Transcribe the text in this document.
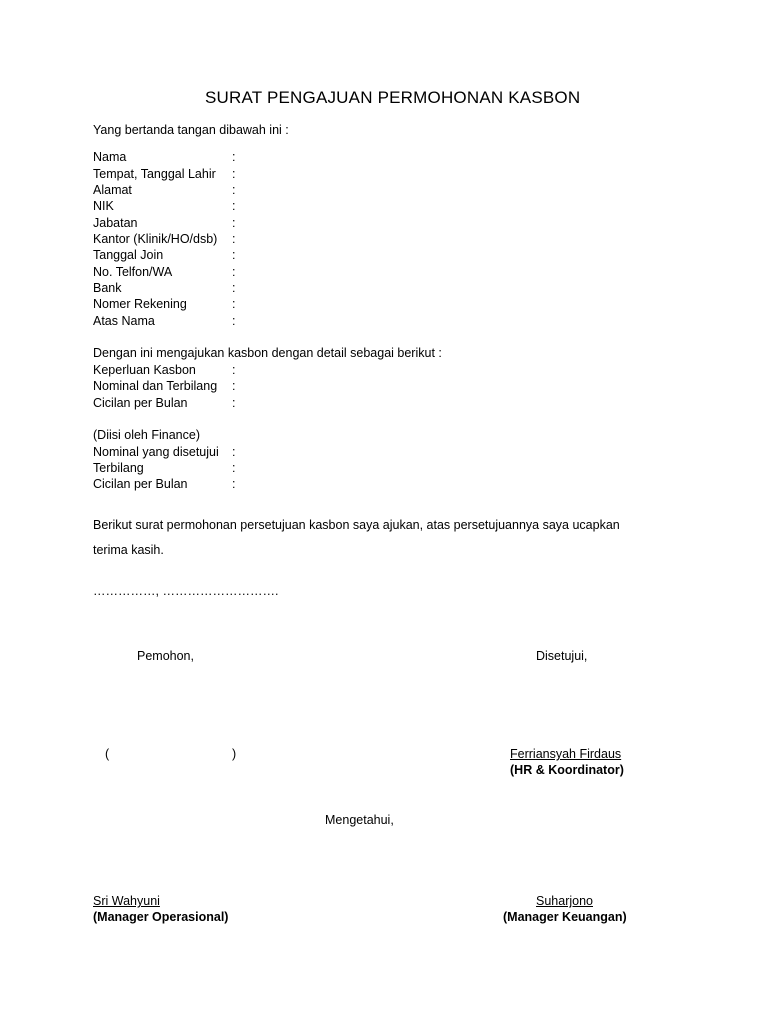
SURAT PENGAJUAN PERMOHONAN KASBON
Yang bertanda tangan dibawah ini :
Nama	:
Tempat, Tanggal Lahir :
Alamat	:
NIK	:
Jabatan	:
Kantor (Klinik/HO/dsb) :
Tanggal Join	:
No. Telfon/WA	:
Bank	:
Nomer Rekening	:
Atas Nama	:
Dengan ini mengajukan kasbon dengan detail sebagai berikut :
Keperluan Kasbon	:
Nominal dan Terbilang :
Cicilan per Bulan	:
(Diisi oleh Finance)
Nominal yang disetujui :
Terbilang	:
Cicilan per Bulan	:
Berikut surat permohonan persetujuan kasbon saya ajukan, atas persetujuannya saya ucapkan
terima kasih.
……………, ……………………….
Pemohon,	Disetujui,
(	)	Ferriansyah Firdaus
(HR & Koordinator)
Mengetahui,
Sri Wahyuni
(Manager Operasional)
Suharjono
(Manager Keuangan)
